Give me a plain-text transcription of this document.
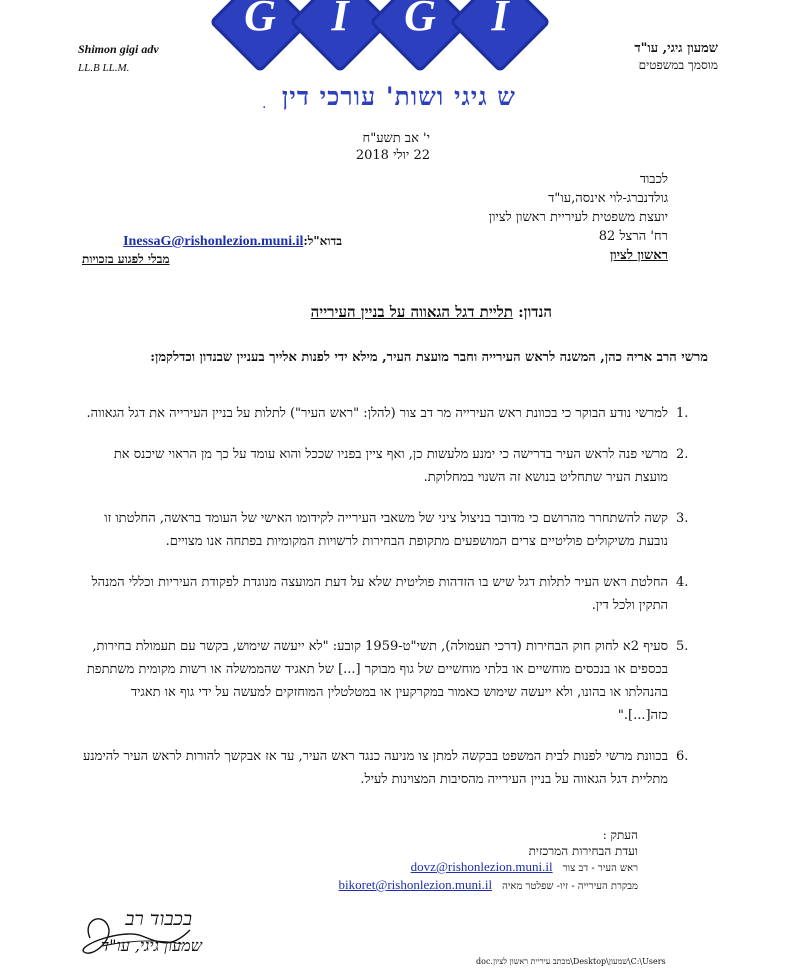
G	I	G	I
ש גיגי ושות' עורכי דין
.
Shimon gigi adv
LL.B LL.M.
שמעון גיגי, עו"ד
מוסמך במשפטים
י' אב תשע"ח
22 יולי 2018
לכבוד
גולדנברג-לוי אינסה,עו"ד
יועצת משפטית לעיריית ראשון לציון
רח' הרצל 82
ראשון לציון
בדוא"ל:
InessaG@rishonlezion.muni.il
מבלי לפגוע בזכויות
הנדון: תליית דגל הגאווה על בניין העירייה
מרשי הרב אריה כהן, המשנה לראש העירייה וחבר מועצת העיר, מילא ידי לפנות אלייך בעניין שבנדון וכדלקמן:
1.
למרשי נודע הבוקר כי בכוונת ראש העירייה מר דב צור (להלן: "ראש העיר") לתלות על בניין העירייה את דגל הגאווה.
2.
מרשי פנה לראש העיר בדרישה כי ימנע מלעשות כן, ואף ציין בפניו שככל והוא עומד על כך מן הראוי שיכנס את מועצת העיר שתחליט בנושא זה השנוי במחלוקת.
3.
קשה להשתחרר מהרושם כי מדובר בניצול ציני של משאבי העירייה לקידומו האישי של העומד בראשה, החלטתו זו נובעת משיקולים פוליטיים צרים המושפעים מתקופת הבחירות לרשויות המקומיות בפתחה אנו מצויים.
4.
החלטת ראש העיר לתלות דגל שיש בו הזדהות פוליטית שלא על דעת המועצה מנוגדת לפקודת העיריות וכללי המנהל התקין ולכל דין.
5.
סעיף 2א לחוק חוק הבחירות (דרכי תעמולה), תשי"ט-1959 קובע: "לא ייעשה שימוש, בקשר עם תעמולת בחירות, בכספים או בנכסים מוחשיים או בלתי מוחשיים של גוף מבוקר [...] של תאגיד שהממשלה או רשות מקומית משתתפת בהנהלתו או בהונו, ולא ייעשה שימוש כאמור במקרקעין או במטלטלין המוחזקים למעשה על ידי גוף או תאגיד כזה[...]."
6.
בכוונת מרשי לפנות לבית המשפט בבקשה למתן צו מניעה כנגד ראש העיר, עד אז אבקשך להורות לראש העיר להימנע מתליית דגל הגאווה על בניין העירייה מהסיבות המצוינות לעיל.
העתק :
ועדת הבחירות המרכזית
ראש העיר - דב צור
dovz@rishonlezion.muni.il
מבקרת העירייה - זיו- שפלטר מאיה
bikoret@rishonlezion.muni.il
בכבוד רב
שמעון גיגי, עו"ד
C:\Users\שמעון\Desktop\מכתב עיריית ראשון לציון.doc
